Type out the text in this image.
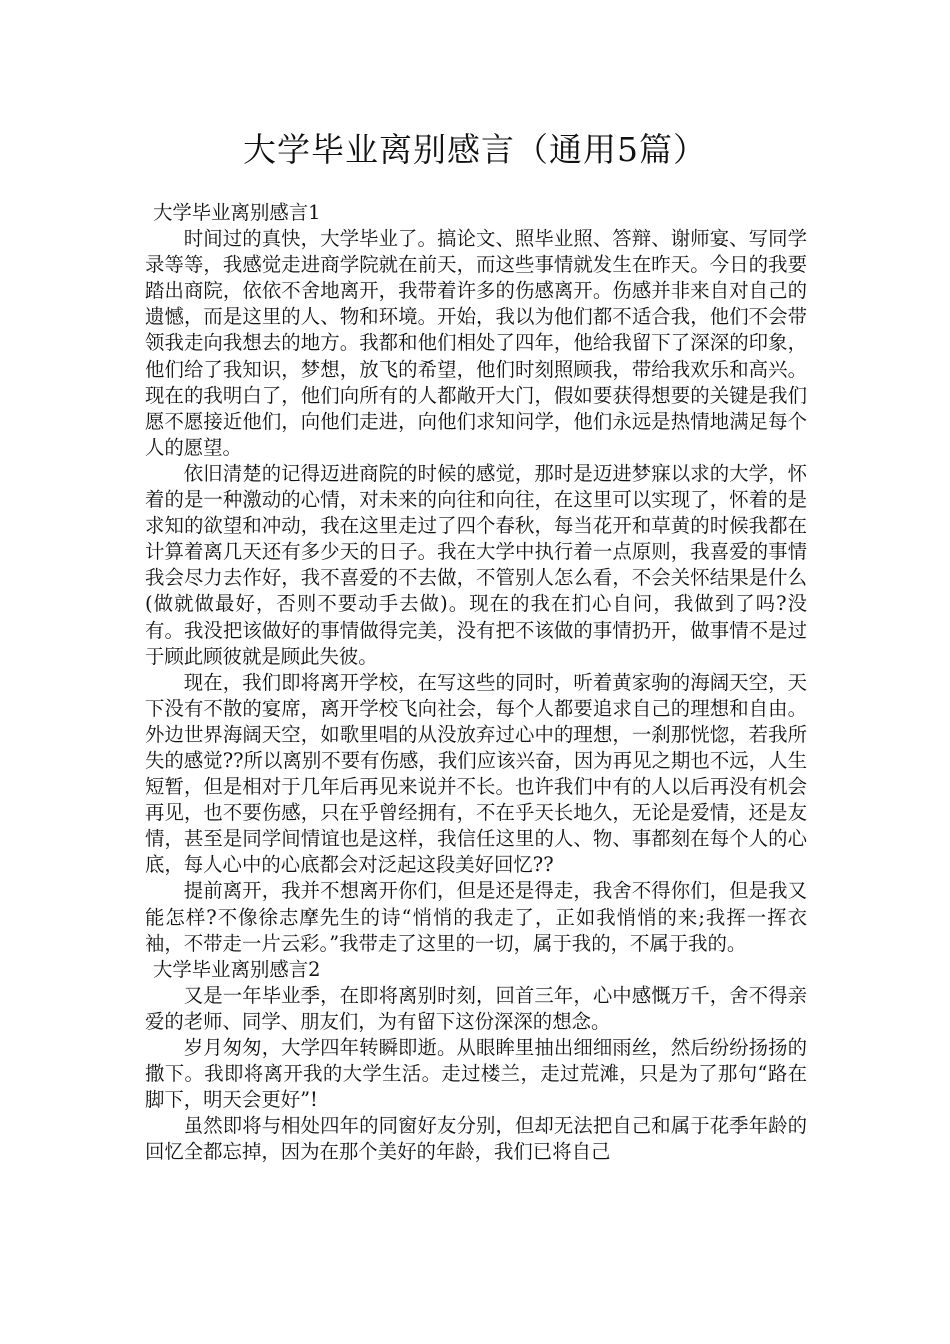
大学毕业离别感言（通用5篇）
大学毕业离别感言1

时间过的真快，大学毕业了。搞论文、照毕业照、答辩、谢师宴、写同学录等等，我感觉走进商学院就在前天，而这些事情就发生在昨天。今日的我要踏出商院，依依不舍地离开，我带着许多的伤感离开。伤感并非来自对自己的遗憾，而是这里的人、物和环境。开始，我以为他们都不适合我，他们不会带领我走向我想去的地方。我都和他们相处了四年，他给我留下了深深的印象，他们给了我知识，梦想，放飞的希望，他们时刻照顾我，带给我欢乐和高兴。现在的我明白了，他们向所有的人都敞开大门，假如要获得想要的关键是我们愿不愿接近他们，向他们走进，向他们求知问学，他们永远是热情地满足每个人的愿望。

依旧清楚的记得迈进商院的时候的感觉，那时是迈进梦寐以求的大学，怀着的是一种激动的心情，对未来的向往和向往，在这里可以实现了，怀着的是求知的欲望和冲动，我在这里走过了四个春秋，每当花开和草黄的时候我都在计算着离几天还有多少天的日子。我在大学中执行着一点原则，我喜爱的事情我会尽力去作好，我不喜爱的不去做，不管别人怎么看，不会关怀结果是什么(做就做最好，否则不要动手去做)。现在的我在扪心自问，我做到了吗?没有。我没把该做好的事情做得完美，没有把不该做的事情扔开，做事情不是过于顾此顾彼就是顾此失彼。

现在，我们即将离开学校，在写这些的同时，听着黄家驹的海阔天空，天下没有不散的宴席，离开学校飞向社会，每个人都要追求自己的理想和自由。外边世界海阔天空，如歌里唱的从没放弃过心中的理想，一刹那恍惚，若我所失的感觉??所以离别不要有伤感，我们应该兴奋，因为再见之期也不远，人生短暂，但是相对于几年后再见来说并不长。也许我们中有的人以后再没有机会再见，也不要伤感，只在乎曾经拥有，不在乎天长地久，无论是爱情，还是友情，甚至是同学间情谊也是这样，我信任这里的人、物、事都刻在每个人的心底，每人心中的心底都会对泛起这段美好回忆??

提前离开，我并不想离开你们，但是还是得走，我舍不得你们，但是我又能怎样?不像徐志摩先生的诗“悄悄的我走了，正如我悄悄的来;我挥一挥衣袖，不带走一片云彩。”我带走了这里的一切，属于我的，不属于我的。

大学毕业离别感言2

又是一年毕业季，在即将离别时刻，回首三年，心中感慨万千，舍不得亲爱的老师、同学、朋友们，为有留下这份深深的想念。

岁月匆匆，大学四年转瞬即逝。从眼眸里抽出细细雨丝，然后纷纷扬扬的撒下。我即将离开我的大学生活。走过楼兰，走过荒滩，只是为了那句“路在脚下，明天会更好”!

虽然即将与相处四年的同窗好友分别，但却无法把自己和属于花季年龄的回忆全都忘掉，因为在那个美好的年龄，我们已将自己
